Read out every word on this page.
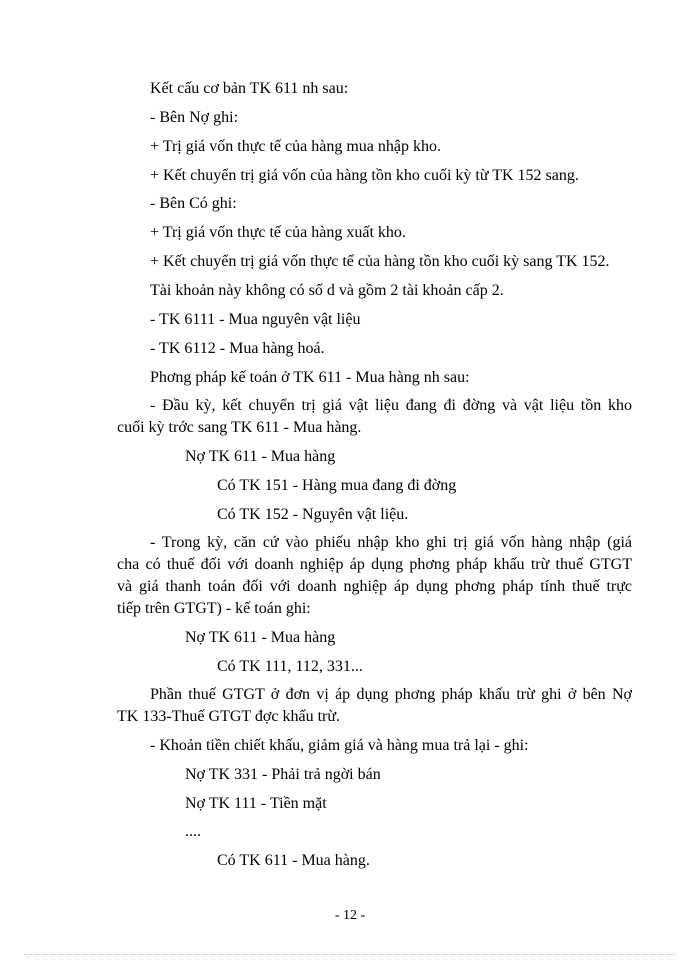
Kết cấu cơ bản TK 611 nh sau:
- Bên Nợ ghi:
+ Trị giá vốn thực tế của hàng mua nhập kho.
+ Kết chuyển trị giá vốn của hàng tồn kho cuối kỳ từ TK 152 sang.
- Bên Có ghi:
+ Trị giá vốn thực tế của hàng xuất kho.
+ Kết chuyển trị giá vốn thực tế của hàng tồn kho cuối kỳ sang TK 152.
Tài khoản này không có số d và gồm 2 tài khoản cấp 2.
- TK 6111 - Mua nguyên vật liệu
- TK 6112 - Mua hàng hoá.
Phơng pháp kế toán ở TK 611 - Mua hàng nh sau:
- Đầu kỳ, kết chuyển trị giá vật liệu đang đi đờng và vật liệu tồn kho
cuối kỳ trớc sang TK 611 - Mua hàng.
Nợ TK 611 - Mua hàng
Có TK 151 - Hàng mua đang đi đờng
Có TK 152 - Nguyên vật liệu.
- Trong kỳ, căn cứ vào phiếu nhập kho ghi trị giá vốn hàng nhập (giá
cha có thuế đối với doanh nghiệp áp dụng phơng pháp khấu trừ thuế GTGT
và giá thanh toán đối với doanh nghiệp áp dụng phơng pháp tính thuế trực
tiếp trên GTGT) - kế toán ghi:
Nợ TK 611 - Mua hàng
Có TK 111, 112, 331...
Phần thuế GTGT ở đơn vị áp dụng phơng pháp khấu trừ ghi ở bên Nợ
TK 133-Thuế GTGT đợc khấu trừ.
- Khoản tiền chiết khấu, giảm giá và hàng mua trả lại - ghi:
Nợ TK 331 - Phải trả ngời bán
Nợ TK 111 - Tiền mặt
....
Có TK 611 - Mua hàng.
- 12 -
